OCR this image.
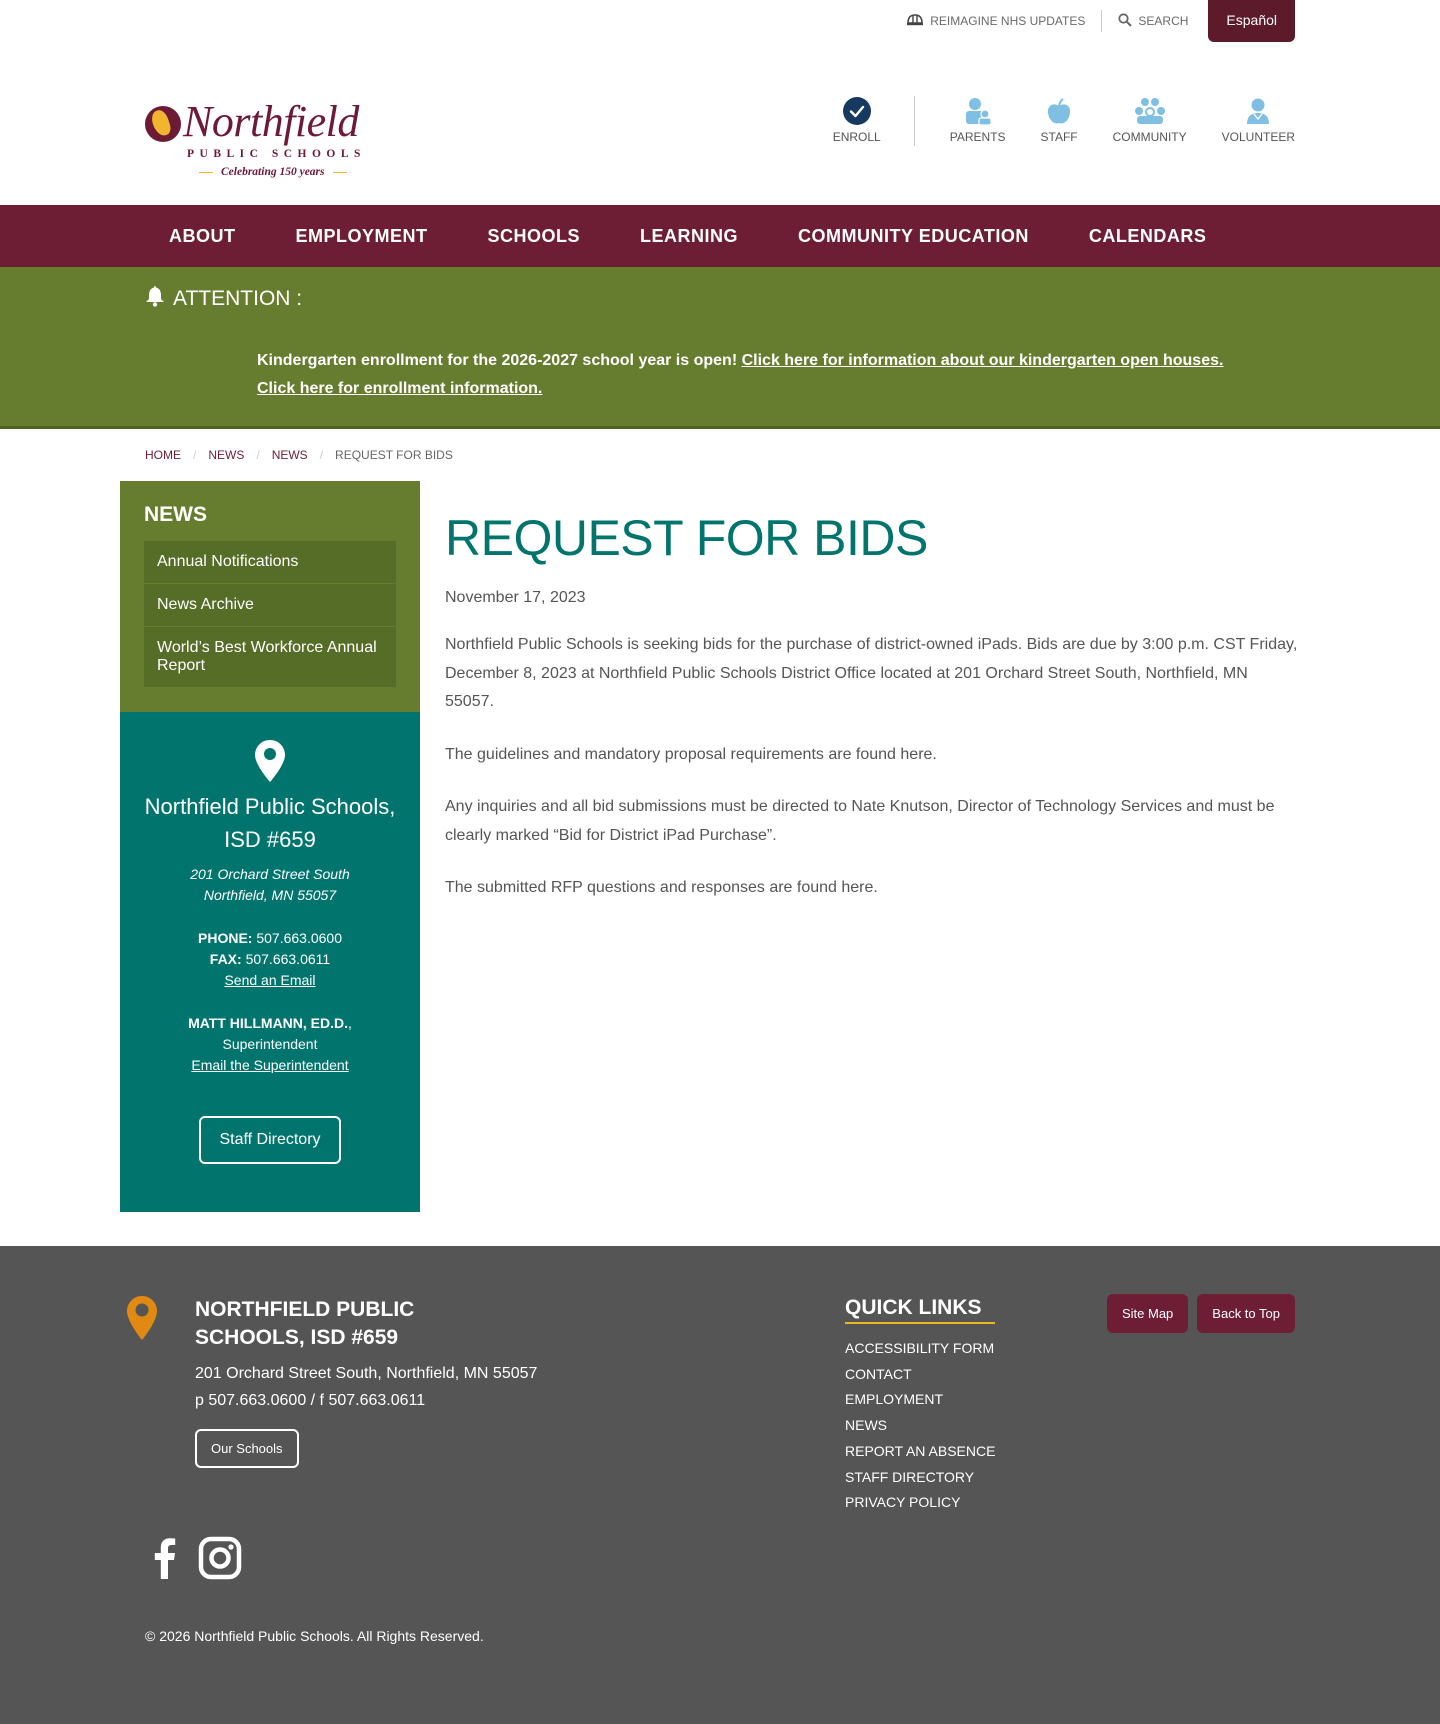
REIMAGINE NHS UPDATES	SEARCH	Español
Northfield
PUBLIC SCHOOLS
Celebrating 150 years
ENROLL	PARENTS	STAFF	COMMUNITY	VOLUNTEER
ABOUT	EMPLOYMENT	SCHOOLS	LEARNING	COMMUNITY EDUCATION	CALENDARS
ATTENTION :
Kindergarten enrollment for the 2026-2027 school year is open! Click here for information about our kindergarten open houses.
Click here for enrollment information.
HOME / NEWS / NEWS / REQUEST FOR BIDS
NEWS
Annual Notifications
News Archive
World’s Best Workforce Annual Report
Northfield Public Schools, ISD #659
201 Orchard Street South
Northfield, MN 55057
PHONE: 507.663.0600
FAX: 507.663.0611
Send an Email
MATT HILLMANN, ED.D.,
Superintendent
Email the Superintendent
Staff Directory
REQUEST FOR BIDS
November 17, 2023

Northfield Public Schools is seeking bids for the purchase of district-owned iPads. Bids are due by 3:00 p.m. CST Friday, December 8, 2023 at Northfield Public Schools District Office located at 201 Orchard Street South, Northfield, MN 55057.

The guidelines and mandatory proposal requirements are found here.

Any inquiries and all bid submissions must be directed to Nate Knutson, Director of Technology Services and must be clearly marked “Bid for District iPad Purchase”.

The submitted RFP questions and responses are found here.

NORTHFIELD PUBLIC SCHOOLS, ISD #659
201 Orchard Street South, Northfield, MN 55057
p 507.663.0600 / f 507.663.0611
Our Schools
© 2026 Northfield Public Schools. All Rights Reserved.
QUICK LINKS
ACCESSIBILITY FORM
CONTACT
EMPLOYMENT
NEWS
REPORT AN ABSENCE
STAFF DIRECTORY
PRIVACY POLICY
Site Map	Back to Top
